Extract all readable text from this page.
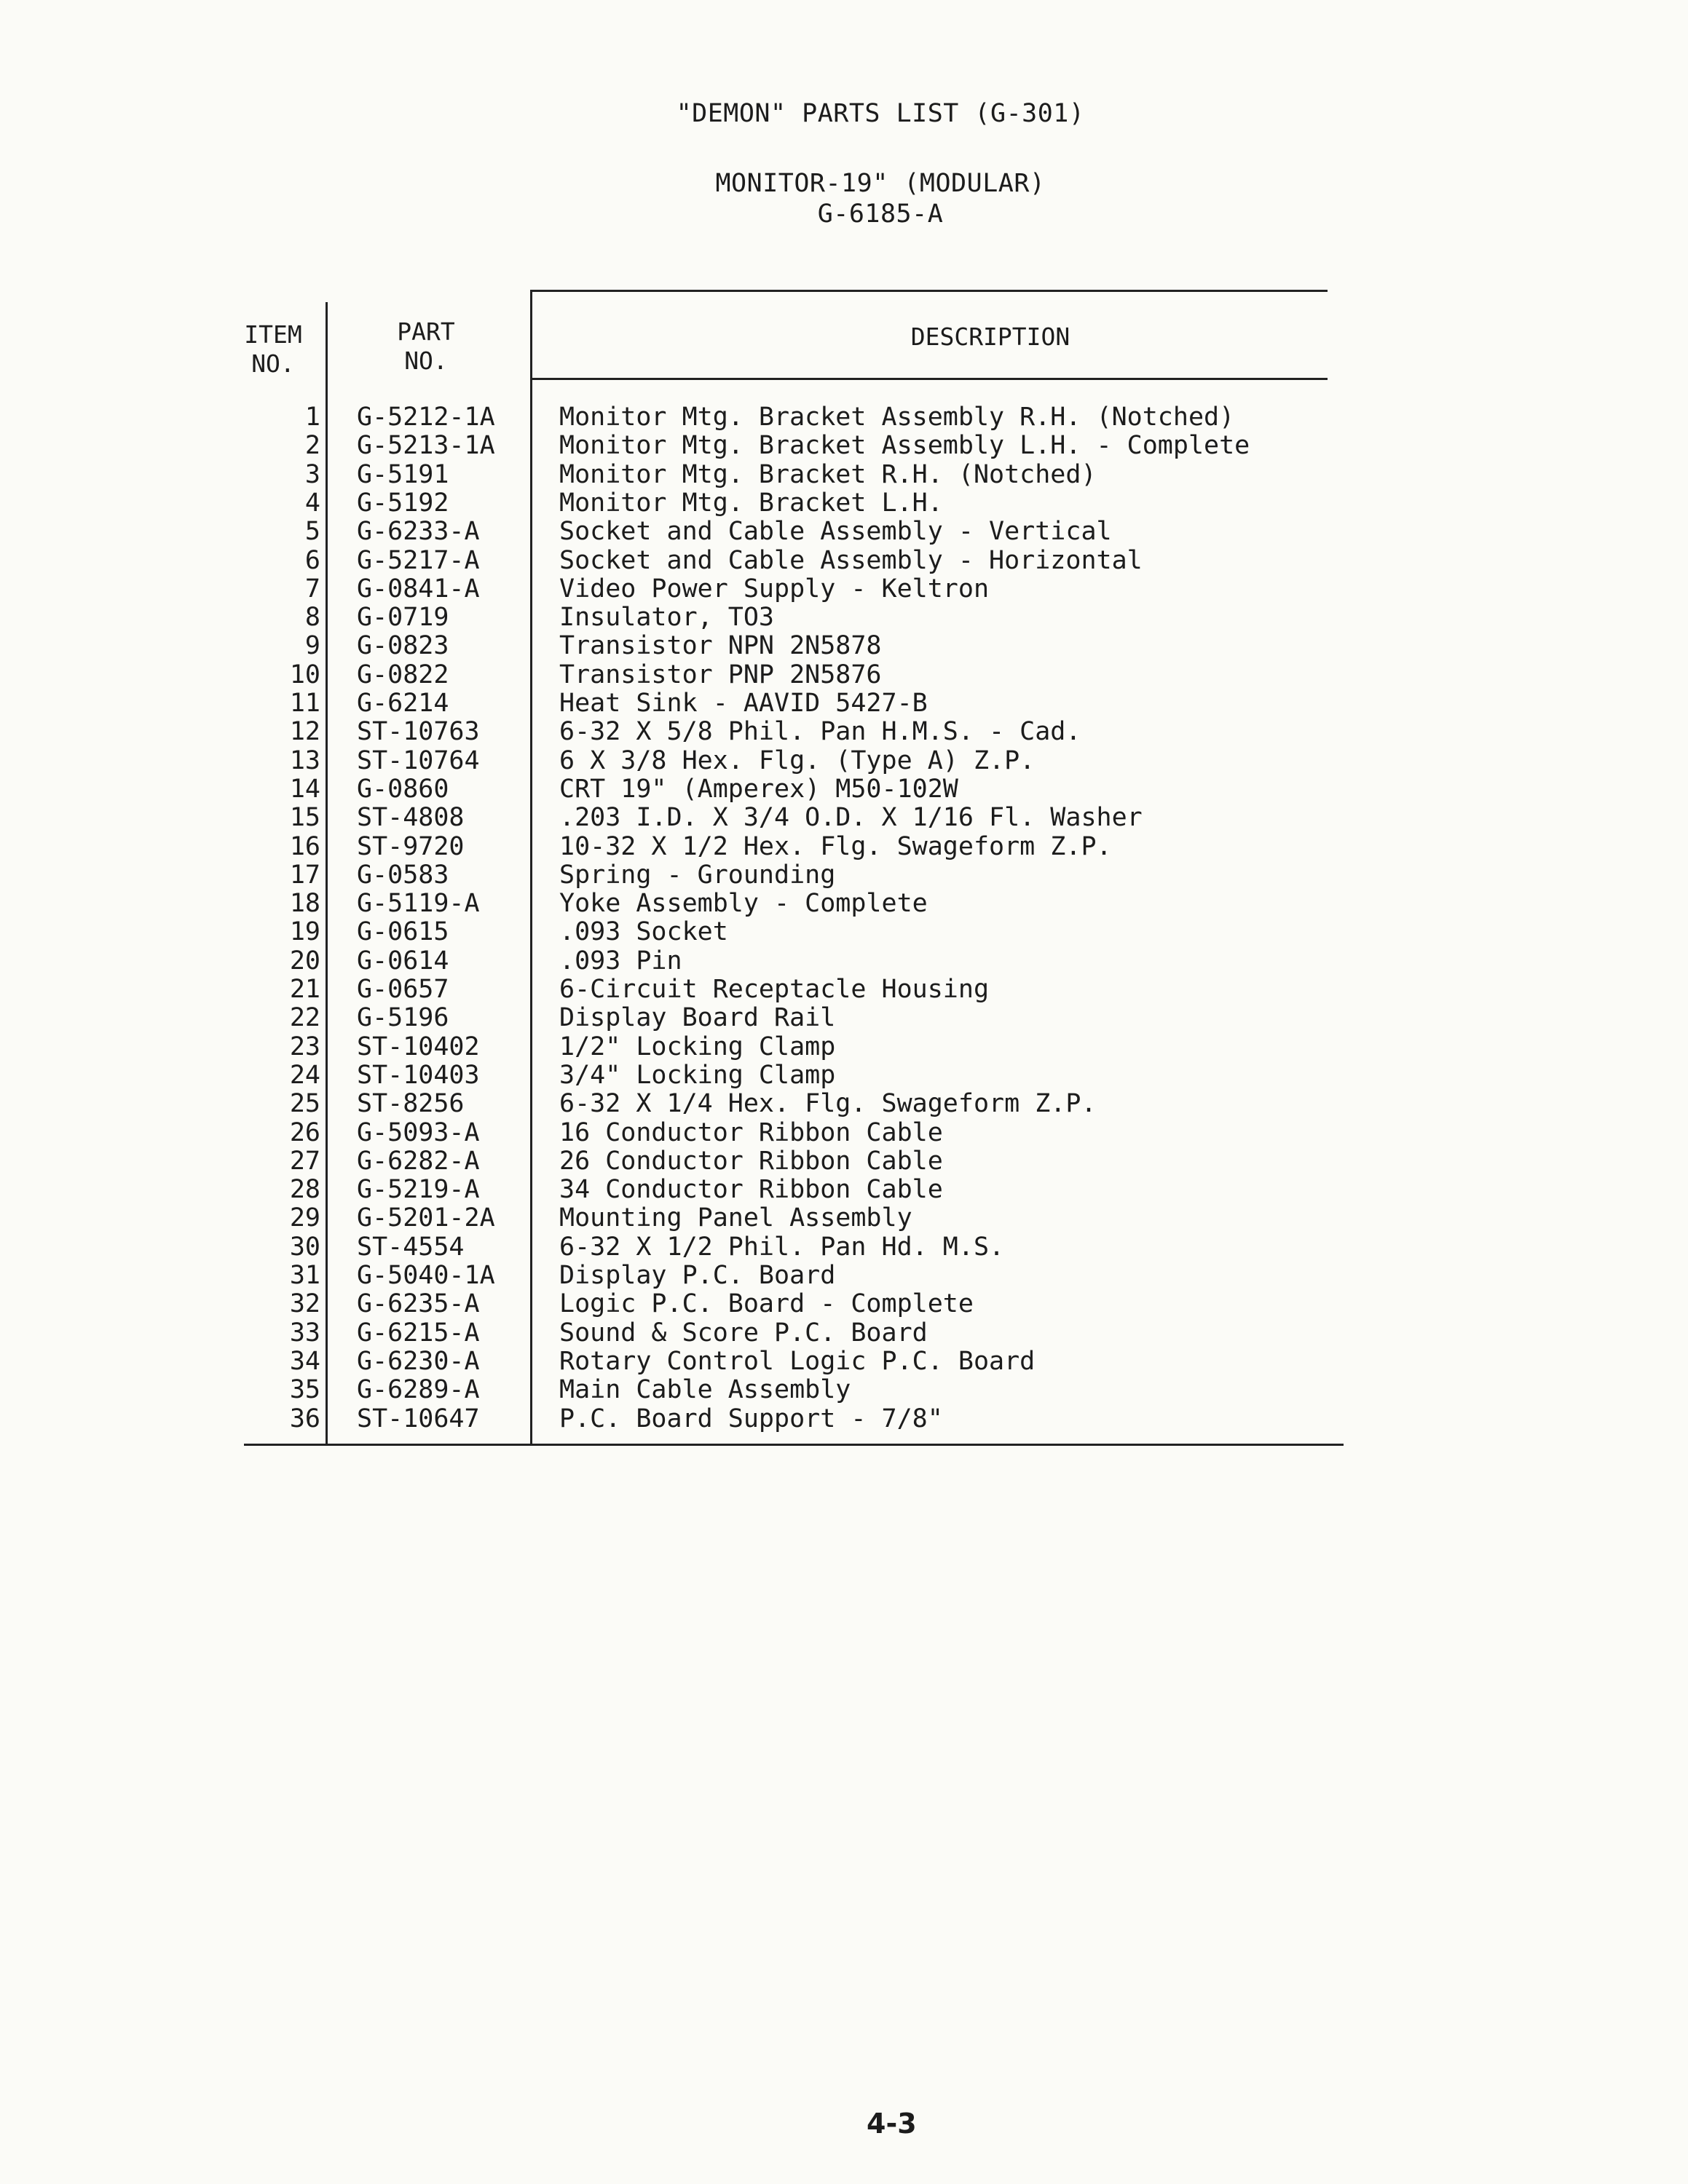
"DEMON" PARTS LIST (G-301)
MONITOR-19" (MODULAR)
G-6185-A
ITEM
NO.
PART
NO.
DESCRIPTION
1 G-5212-1A	Monitor Mtg. Bracket Assembly R.H. (Notched)
2 G-5213-1A	Monitor Mtg. Bracket Assembly L.H. - Complete
3 G-5191	Monitor Mtg. Bracket R.H. (Notched)
4 G-5192	Monitor Mtg. Bracket L.H.
5 G-6233-A	Socket and Cable Assembly - Vertical
6 G-5217-A	Socket and Cable Assembly - Horizontal
7 G-0841-A	Video Power Supply - Keltron
8 G-0719	Insulator, TO3
9 G-0823	Transistor NPN 2N5878
10 G-0822	Transistor PNP 2N5876
11 G-6214	Heat Sink - AAVID 5427-B
12 ST-10763	6-32 X 5/8 Phil. Pan H.M.S. - Cad.
13 ST-10764	6 X 3/8 Hex. Flg. (Type A) Z.P.
14 G-0860	CRT 19" (Amperex) M50-102W
15 ST-4808	.203 I.D. X 3/4 O.D. X 1/16 Fl. Washer
16 ST-9720	10-32 X 1/2 Hex. Flg. Swageform Z.P.
17 G-0583	Spring - Grounding
18 G-5119-A	Yoke Assembly - Complete
19 G-0615	.093 Socket
20 G-0614	.093 Pin
21 G-0657	6-Circuit Receptacle Housing
22 G-5196	Display Board Rail
23 ST-10402	1/2" Locking Clamp
24 ST-10403	3/4" Locking Clamp
25 ST-8256	6-32 X 1/4 Hex. Flg. Swageform Z.P.
26 G-5093-A	16 Conductor Ribbon Cable
27 G-6282-A	26 Conductor Ribbon Cable
28 G-5219-A	34 Conductor Ribbon Cable
29 G-5201-2A	Mounting Panel Assembly
30 ST-4554	6-32 X 1/2 Phil. Pan Hd. M.S.
31 G-5040-1A	Display P.C. Board
32 G-6235-A	Logic P.C. Board - Complete
33 G-6215-A	Sound & Score P.C. Board
34 G-6230-A	Rotary Control Logic P.C. Board
35 G-6289-A	Main Cable Assembly
36 ST-10647	P.C. Board Support - 7/8"
4-3
